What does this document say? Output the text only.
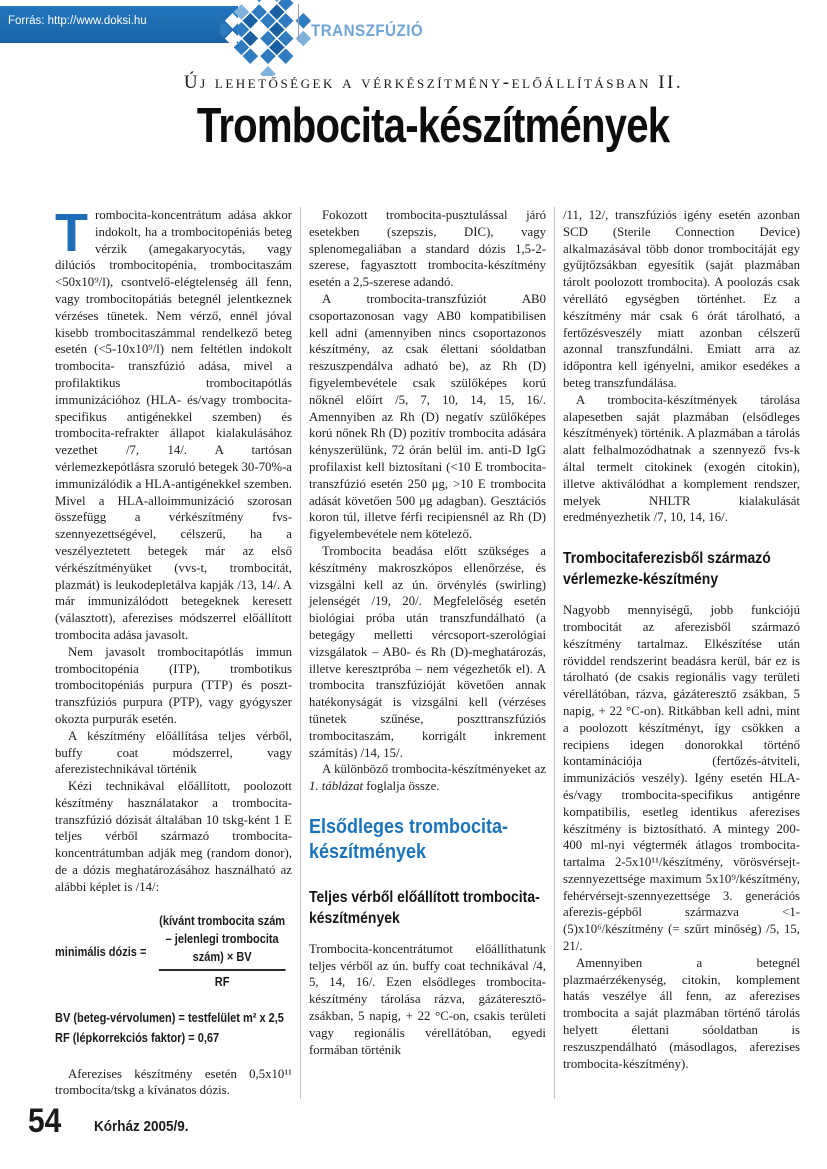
Forrás: http://www.doksi.hu

TRANSZFÚZIÓ

Új lehetőségek a vérkészítmény-előállításban II.
Trombocita-készítmények

Trombocita-koncentrátum adása akkor indokolt, ha a trombocitopéniás beteg vérzik (amegakaryocytás, vagy dilúciós trombocitopénia, trombocitaszám <50x10⁹/l), csontvelő-elégtelenség áll fenn, vagy trombocitopátiás betegnél jelentkeznek vérzéses tünetek. Nem vérző, ennél jóval kisebb trombocitaszámmal rendelkező beteg esetén (<5-10x10⁹/l) nem feltétlen indokolt trombocita- transzfúzió adása, mivel a profilaktikus trombocitapótlás immunizációhoz (HLA- és/vagy trombocita-specifikus antigénekkel szemben) és trombocita-refrakter állapot kialakulásához vezethet /7, 14/. A tartósan vérlemezkepótlásra szoruló betegek 30-70%-a immunizálódik a HLA-antigénekkel szemben. Mivel a HLA-alloimmunizáció szorosan összefügg a vérkészítmény fvs-szennyezettségével, célszerű, ha a veszélyeztetett betegek már az első vérkészítményüket (vvs-t, trombocitát, plazmát) is leukodepletálva kapják /13, 14/. A már immunizálódott betegeknek keresett (választott), aferezises módszerrel előállított trombocita adása javasolt.

Nem javasolt trombocitapótlás immun trombocitopénia (ITP), trombotikus trombocitopéniás purpura (TTP) és poszt-transzfúziós purpura (PTP), vagy gyógyszer okozta purpurák esetén.

A készítmény előállítása teljes vérből, buffy coat módszerrel, vagy aferezistechnikával történik

Kézi technikával előállított, poolozott készítmény használatakor a trombocita-transzfúzió dózisát általában 10 tskg-ként 1 E teljes vérből származó trombocita-koncentrátumban adják meg (random donor), de a dózis meghatározásához használható az alábbi képlet is /14/:

minimális dózis =
(kívánt trombocita szám
– jelenlegi trombocita szám) × BV
RF
BV (beteg-vérvolumen) = testfelület m² x 2,5
RF (lépkorrekciós faktor) = 0,67

Aferezises készítmény esetén 0,5x10¹¹ trombocita/tskg a kívánatos dózis.

Fokozott trombocita-pusztulással járó esetekben (szepszis, DIC), vagy splenomegaliában a standard dózis 1,5-2-szerese, fagyasztott trombocita-készítmény esetén a 2,5-szerese adandó.

A trombocita-transzfúziót AB0 csoportazonosan vagy AB0 kompatibilisen kell adni (amennyiben nincs csoportazonos készítmény, az csak élettani sóoldatban reszuszpendálva adható be), az Rh (D) figyelembevétele csak szülőképes korú nőknél előírt /5, 7, 10, 14, 15, 16/. Amennyiben az Rh (D) negatív szülőképes korú nőnek Rh (D) pozitív trombocita adására kényszerülünk, 72 órán belül im. anti-D IgG profilaxist kell biztosítani (<10 E trombocita-transzfúzió esetén 250 μg, >10 E trombocita adását követően 500 μg adagban). Gesztációs koron túl, illetve férfi recipiensnél az Rh (D) figyelembevétele nem kötelező.

Trombocita beadása előtt szükséges a készítmény makroszkópos ellenőrzése, és vizsgálni kell az ún. örvénylés (swirling) jelenségét /19, 20/. Megfelelőség esetén biológiai próba után transzfundálható (a betegágy melletti vércsoport-szerológiai vizsgálatok – AB0- és Rh (D)-meghatározás, illetve keresztpróba – nem végezhetők el). A trombocita transzfúzióját követően annak hatékonyságát is vizsgálni kell (vérzéses tünetek szűnése, poszttranszfúziós trombocitaszám, korrigált inkrement számítás) /14, 15/.

A különböző trombocita-készítményeket az 1. táblázat foglalja össze.

Elsődleges trombocita-készítmények
Teljes vérből előállított trombocita-készítmények

Trombocita-koncentrátumot előállíthatunk teljes vérből az ún. buffy coat technikával /4, 5, 14, 16/. Ezen elsődleges trombocita-készítmény tárolása rázva, gázáteresztő-zsákban, 5 napig, + 22 °C-on, csakis területi vagy regionális vérellátóban, egyedi formában történik

/11, 12/, transzfúziós igény esetén azonban SCD (Sterile Connection Device) alkalmazásával több donor trombocitáját egy gyűjtőzsákban egyesítik (saját plazmában tárolt poolozott trombocita). A poolozás csak vérellátó egységben történhet. Ez a készítmény már csak 6 órát tárolható, a fertőzésveszély miatt azonban célszerű azonnal transzfundálni. Emiatt arra az időpontra kell igényelni, amikor esedékes a beteg transzfundálása.

A trombocita-készítmények tárolása alapesetben saját plazmában (elsődleges készítmények) történik. A plazmában a tárolás alatt felhalmozódhatnak a szennyező fvs-k által termelt citokinek (exogén citokin), illetve aktiválódhat a komplement rendszer, melyek NHLTR kialakulását eredményezhetik /7, 10, 14, 16/.

Trombocitaferezisből származó vérlemezke-készítmény

Nagyobb mennyiségű, jobb funkciójú trombocitát az aferezisből származó készítmény tartalmaz. Elkészítése után röviddel rendszerint beadásra kerül, bár ez is tárolható (de csakis regionális vagy területi vérellátóban, rázva, gázáteresztő zsákban, 5 napig, + 22 °C-on). Ritkábban kell adni, mint a poolozott készítményt, így csökken a recipiens idegen donorokkal történő kontaminációja (fertőzés-átviteli, immunizációs veszély). Igény esetén HLA- és/vagy trombocita-specifikus antigénre kompatibilis, esetleg identikus aferezises készítmény is biztosítható. A mintegy 200-400 ml-nyi végtermék átlagos trombocita-tartalma 2-5x10¹¹/készítmény, vörösvérsejt-szennyezettsége maximum 5x10⁹/készítmény, fehérvérsejt-szennyezettsége 3. generációs aferezis-gépből származva <1-(5)x10⁶/készítmény (= szűrt minőség) /5, 15, 21/.

Amennyiben a betegnél plazmaérzékenység, citokin, komplement hatás veszélye áll fenn, az aferezises trombocita a saját plazmában történő tárolás helyett élettani sóoldatban is reszuszpendálható (másodlagos, aferezises trombocita-készítmény).

54 Kórház 2005/9.
